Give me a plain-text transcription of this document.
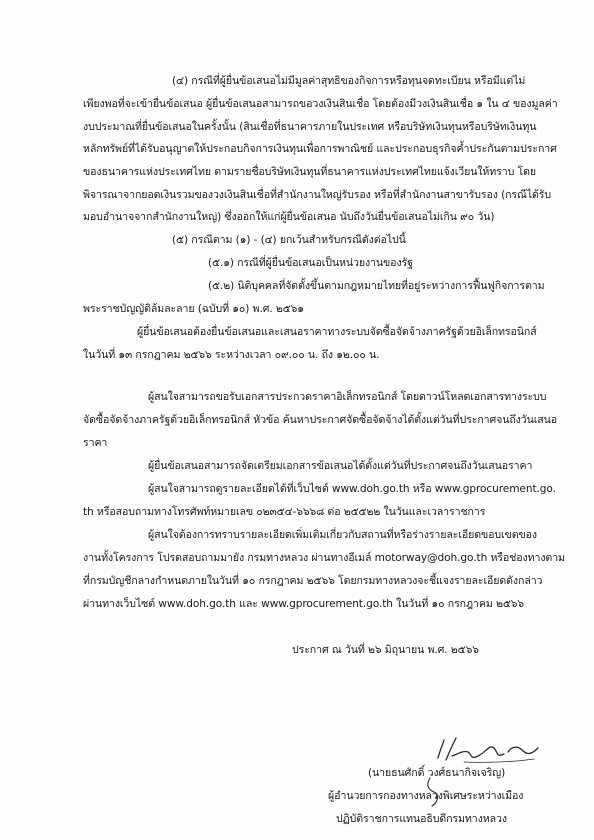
(๔) กรณีที่ผู้ยื่นข้อเสนอไม่มีมูลค่าสุทธิของกิจการหรือทุนจดทะเบียน หรือมีแต่ไม่
เพียงพอที่จะเข้ายื่นข้อเสนอ ผู้ยื่นข้อเสนอสามารถขอวงเงินสินเชื่อ โดยต้องมีวงเงินสินเชื่อ ๑ ใน ๔ ของมูลค่า
งบประมาณที่ยื่นข้อเสนอในครั้งนั้น (สินเชื่อที่ธนาคารภายในประเทศ หรือบริษัทเงินทุนหรือบริษัทเงินทุน
หลักทรัพย์ที่ได้รับอนุญาตให้ประกอบกิจการเงินทุนเพื่อการพาณิชย์ และประกอบธุรกิจค้ำประกันตามประกาศ
ของธนาคารแห่งประเทศไทย ตามรายชื่อบริษัทเงินทุนที่ธนาคารแห่งประเทศไทยแจ้งเวียนให้ทราบ โดย
พิจารณาจากยอดเงินรวมของวงเงินสินเชื่อที่สำนักงานใหญ่รับรอง หรือที่สำนักงานสาขารับรอง (กรณีได้รับ
มอบอำนาจจากสำนักงานใหญ่) ซึ่งออกให้แก่ผู้ยื่นข้อเสนอ นับถึงวันยื่นข้อเสนอไม่เกิน ๙๐ วัน)
(๕) กรณีตาม (๑) - (๔) ยกเว้นสำหรับกรณีดังต่อไปนี้
(๕.๑) กรณีที่ผู้ยื่นข้อเสนอเป็นหน่วยงานของรัฐ
(๕.๒) นิติบุคคลที่จัดตั้งขึ้นตามกฎหมายไทยที่อยู่ระหว่างการฟื้นฟูกิจการตาม
พระราชบัญญัติล้มละลาย (ฉบับที่ ๑๐) พ.ศ. ๒๕๖๑
ผู้ยื่นข้อเสนอต้องยื่นข้อเสนอและเสนอราคาทางระบบจัดซื้อจัดจ้างภาครัฐด้วยอิเล็กทรอนิกส์
ในวันที่ ๑๓ กรกฎาคม ๒๕๖๖ ระหว่างเวลา ๐๙.๐๐ น. ถึง ๑๒.๐๐ น.
ผู้สนใจสามารถขอรับเอกสารประกวดราคาอิเล็กทรอนิกส์ โดยดาวน์โหลดเอกสารทางระบบ
จัดซื้อจัดจ้างภาครัฐด้วยอิเล็กทรอนิกส์ หัวข้อ ค้นหาประกาศจัดซื้อจัดจ้างได้ตั้งแต่วันที่ประกาศจนถึงวันเสนอ
ราคา
ผู้ยื่นข้อเสนอสามารถจัดเตรียมเอกสารข้อเสนอได้ตั้งแต่วันที่ประกาศจนถึงวันเสนอราคา
ผู้สนใจสามารถดูรายละเอียดได้ที่เว็บไซต์ www.doh.go.th หรือ www.gprocurement.go.
th หรือสอบถามทางโทรศัพท์หมายเลข ๐๒๓๕๔-๖๖๖๘ ต่อ ๒๕๕๒๒ ในวันและเวลาราชการ
ผู้สนใจต้องการทราบรายละเอียดเพิ่มเติมเกี่ยวกับสถานที่หรือร่างรายละเอียดขอบเขตของ
งานทั้งโครงการ โปรดสอบถามมายัง กรมทางหลวง ผ่านทางอีเมล์ motorway@doh.go.th หรือช่องทางตาม
ที่กรมบัญชีกลางกำหนดภายในวันที่ ๑๐ กรกฎาคม ๒๕๖๖ โดยกรมทางหลวงจะชี้แจงรายละเอียดดังกล่าว
ผ่านทางเว็บไซต์ www.doh.go.th และ www.gprocurement.go.th ในวันที่ ๑๐ กรกฎาคม ๒๕๖๖
ประกาศ ณ วันที่ ๒๖ มิถุนายน พ.ศ. ๒๕๖๖
(นายธนศักดิ์ วงศ์ธนากิจเจริญ)
ผู้อำนวยการกองทางหลวงพิเศษระหว่างเมือง
ปฏิบัติราชการแทนอธิบดีกรมทางหลวง
